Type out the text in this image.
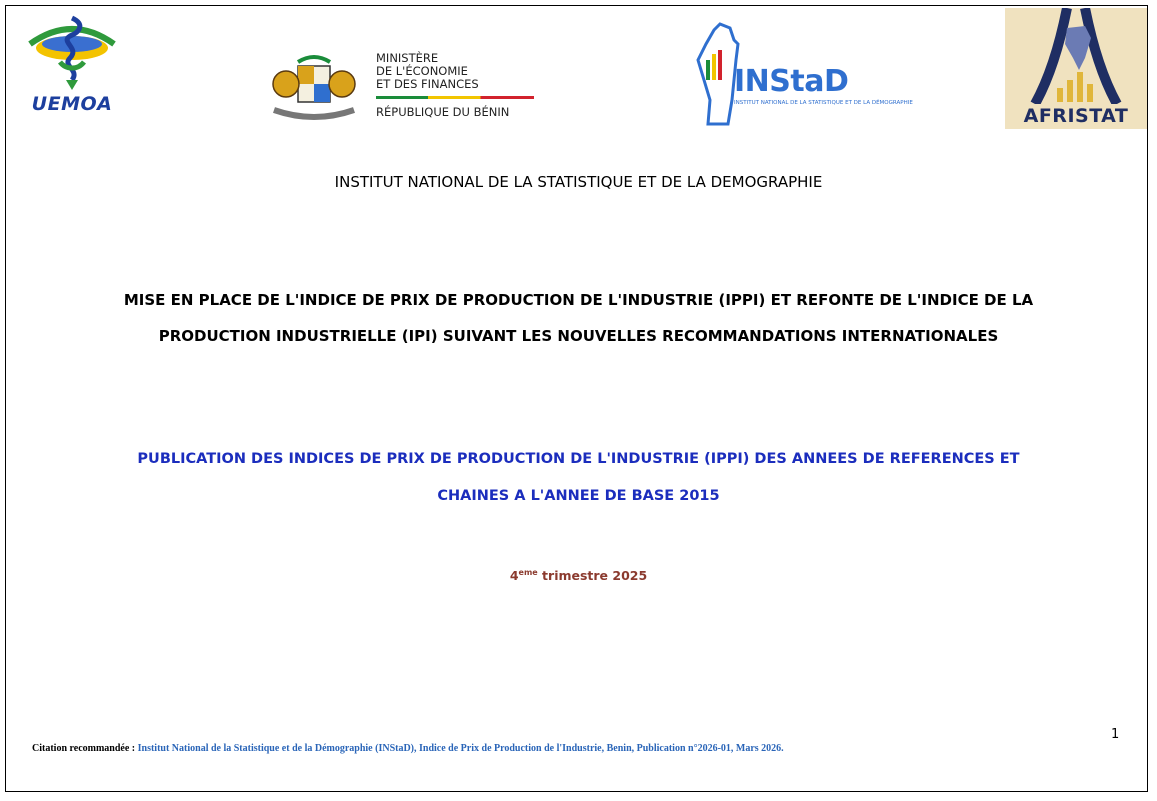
UEMOA
MINISTÈRE
DE L'ÉCONOMIE
ET DES FINANCES
RÉPUBLIQUE DU BÉNIN
INStaD
INSTITUT NATIONAL DE LA STATISTIQUE ET DE LA DÉMOGRAPHIE
AFRISTAT
INSTITUT NATIONAL DE LA STATISTIQUE ET DE LA DEMOGRAPHIE
MISE EN PLACE DE L'INDICE DE PRIX DE PRODUCTION DE L'INDUSTRIE (IPPI) ET REFONTE DE L'INDICE DE LA
PRODUCTION INDUSTRIELLE (IPI) SUIVANT LES NOUVELLES RECOMMANDATIONS INTERNATIONALES
PUBLICATION DES INDICES DE PRIX DE PRODUCTION DE L'INDUSTRIE (IPPI) DES ANNEES DE REFERENCES ET
CHAINES A L'ANNEE DE BASE 2015
4eme trimestre 2025
1
Citation recommandée : Institut National de la Statistique et de la Démographie (INStaD), Indice de Prix de Production de l'Industrie, Benin, Publication n°2026-01, Mars 2026.
